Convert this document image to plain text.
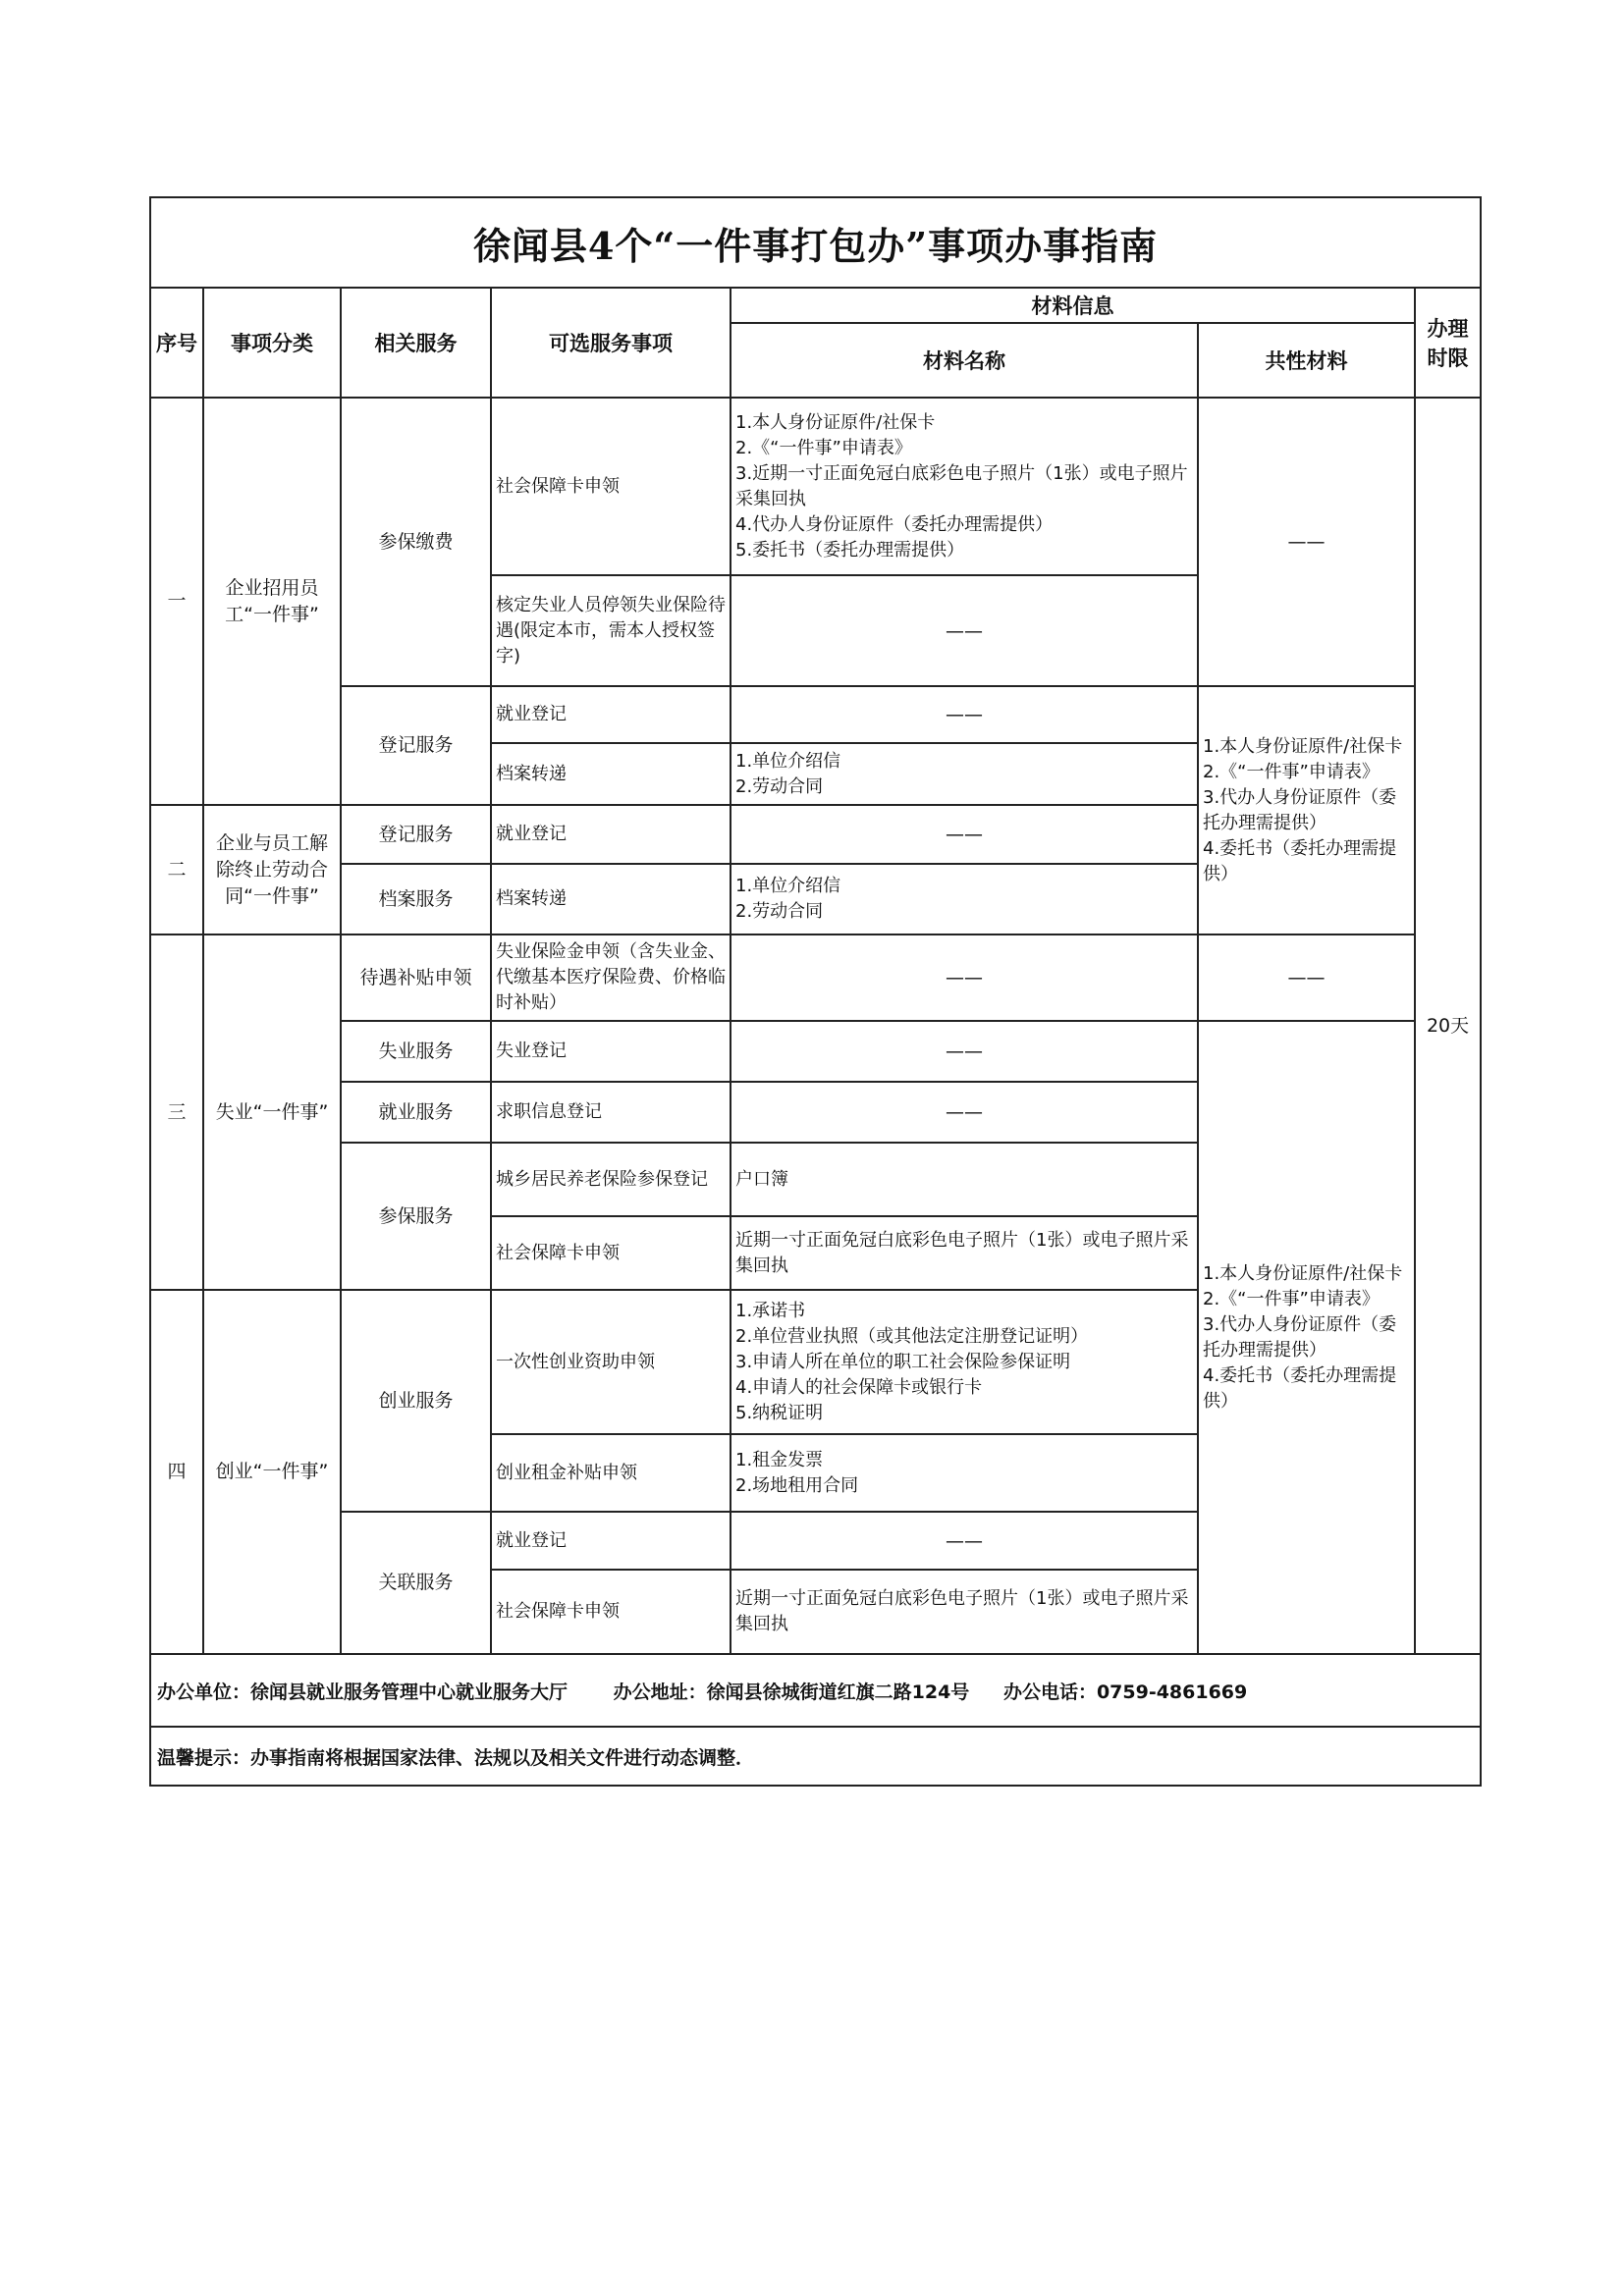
徐闻县4个“一件事打包办”事项办事指南						
序号	事项分类	相关服务	可选服务事项	材料信息		办理时限
				材料名称	共性材料	
一	企业招用员工“一件事”	参保缴费	社会保障卡申领	1.本人身份证原件/社保卡
2.《“一件事”申请表》
3.近期一寸正面免冠白底彩色电子照片（1张）或电子照片采集回执
4.代办人身份证原件（委托办理需提供）
5.委托书（委托办理需提供）	——	20天
			核定失业人员停领失业保险待遇(限定本市，需本人授权签字)	——		
		登记服务	就业登记	——	1.本人身份证原件/社保卡
2.《“一件事”申请表》
3.代办人身份证原件（委托办理需提供）
4.委托书（委托办理需提供）	

			档案转递	1.单位介绍信
2.劳动合同		

二	企业与员工解除终止劳动合同“一件事”	登记服务	就业登记	——		
		档案服务	档案转递	1.单位介绍信
2.劳动合同		

三	失业“一件事”	待遇补贴申领	失业保险金申领（含失业金、代缴基本医疗保险费、价格临时补贴）	——	——	
		失业服务	失业登记	——	1.本人身份证原件/社保卡
2.《“一件事”申请表》
3.代办人身份证原件（委托办理需提供）
4.委托书（委托办理需提供）	

		就业服务	求职信息登记	——		
		参保服务	城乡居民养老保险参保登记	户口簿		
			社会保障卡申领	近期一寸正面免冠白底彩色电子照片（1张）或电子照片采集回执		
四	创业“一件事”	创业服务	一次性创业资助申领	1.承诺书
2.单位营业执照（或其他法定注册登记证明）
3.申请人所在单位的职工社会保险参保证明
4.申请人的社会保障卡或银行卡
5.纳税证明		

			创业租金补贴申领	1.租金发票
2.场地租用合同		

		关联服务	就业登记	——		
			社会保障卡申领	近期一寸正面免冠白底彩色电子照片（1张）或电子照片采集回执		
办公单位：徐闻县就业服务管理中心就业服务大厅 办公地址：徐闻县徐城街道红旗二路124号 办公电话：0759-4861669						
温馨提示：办事指南将根据国家法律、法规以及相关文件进行动态调整．						
